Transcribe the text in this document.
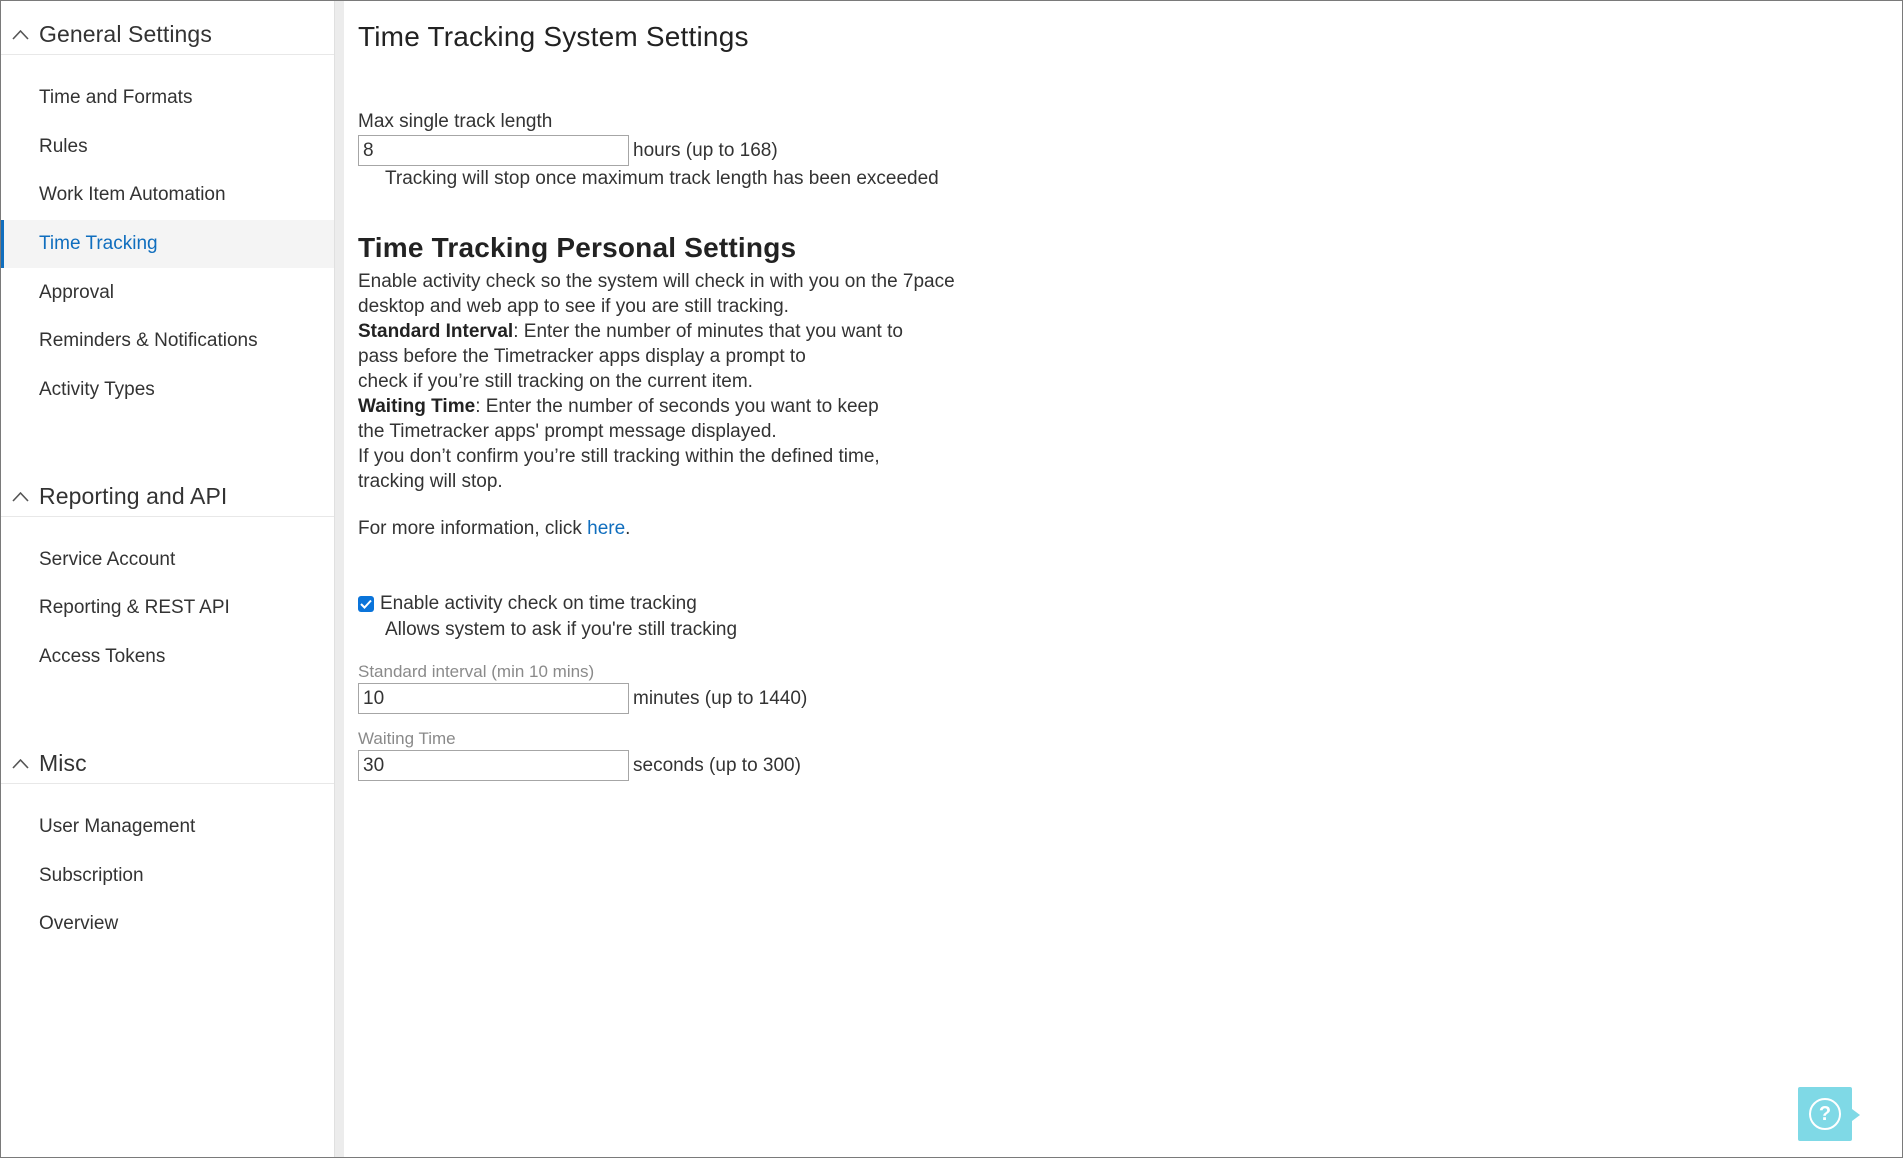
General Settings
Time and Formats
Rules
Work Item Automation
Time Tracking
Approval
Reminders & Notifications
Activity Types
Reporting and API
Service Account
Reporting & REST API
Access Tokens
Misc
User Management
Subscription
Overview
Time Tracking System Settings
Max single track length
8
hours (up to 168)
Tracking will stop once maximum track length has been exceeded
Time Tracking Personal Settings
Enable activity check so the system will check in with you on the 7pace
desktop and web app to see if you are still tracking.
Standard Interval: Enter the number of minutes that you want to
pass before the Timetracker apps display a prompt to
check if you’re still tracking on the current item.
Waiting Time: Enter the number of seconds you want to keep
the Timetracker apps' prompt message displayed.
If you don’t confirm you’re still tracking within the defined time,
tracking will stop.
For more information, click here.
Enable activity check on time tracking
Allows system to ask if you're still tracking
Standard interval (min 10 mins)
10
minutes (up to 1440)
Waiting Time
30
seconds (up to 300)
?
